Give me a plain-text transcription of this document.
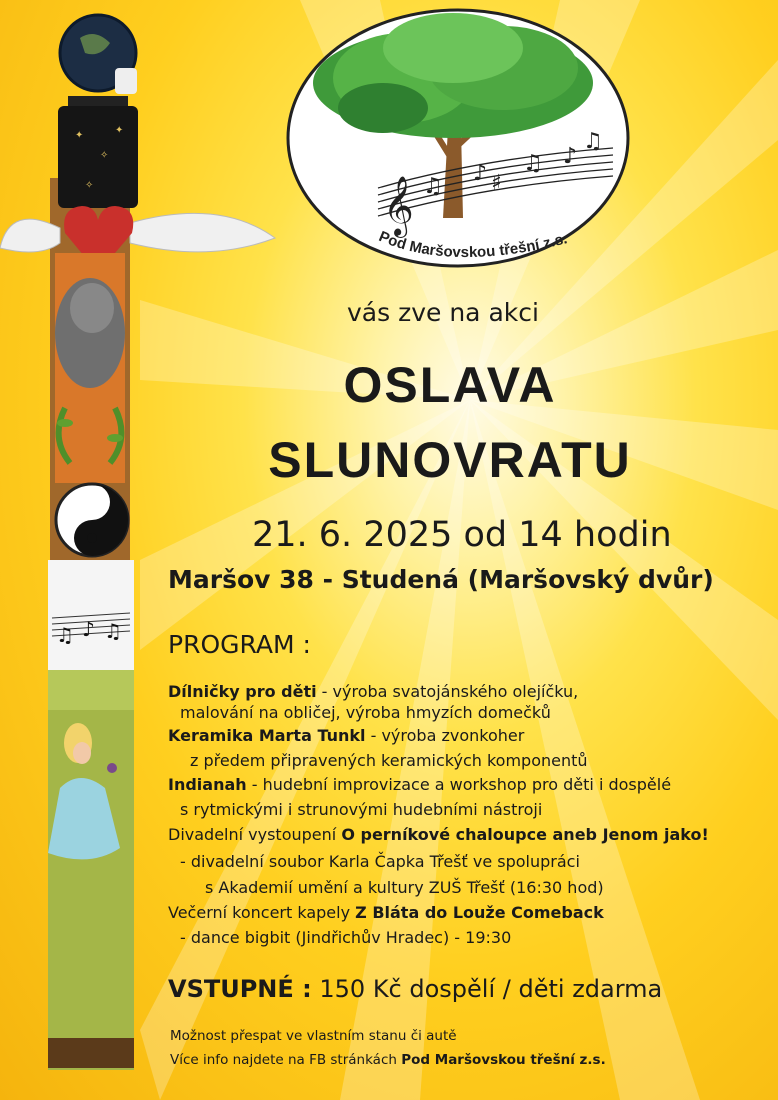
𝄞 ♫
♪ ♯
♫ ♪
♫
Pod Maršovskou třešní z.s.
✦
✧
✦
✧
♫ ♪ ♫
vás zve na akci
OSLAVA
SLUNOVRATU
21. 6. 2025 od 14 hodin
Maršov 38 - Studená (Maršovský dvůr)
PROGRAM :
Dílničky pro děti - výroba svatojánského olejíčku,
malování na obličej, výroba hmyzích domečků
Keramika Marta Tunkl - výroba zvonkoher
z předem připravených keramických komponentů
Indianah - hudební improvizace a workshop pro děti i dospělé
s rytmickými i strunovými hudebními nástroji
Divadelní vystoupení O perníkové chaloupce aneb Jenom jako!
- divadelní soubor Karla Čapka Třešť ve spolupráci
s Akademií umění a kultury ZUŠ Třešť (16:30 hod)
Večerní koncert kapely Z Bláta do Louže Comeback
- dance bigbit (Jindřichův Hradec) - 19:30
VSTUPNÉ : 150 Kč dospělí / děti zdarma
Možnost přespat ve vlastním stanu či autě
Více info najdete na FB stránkách Pod Maršovskou třešní z.s.
